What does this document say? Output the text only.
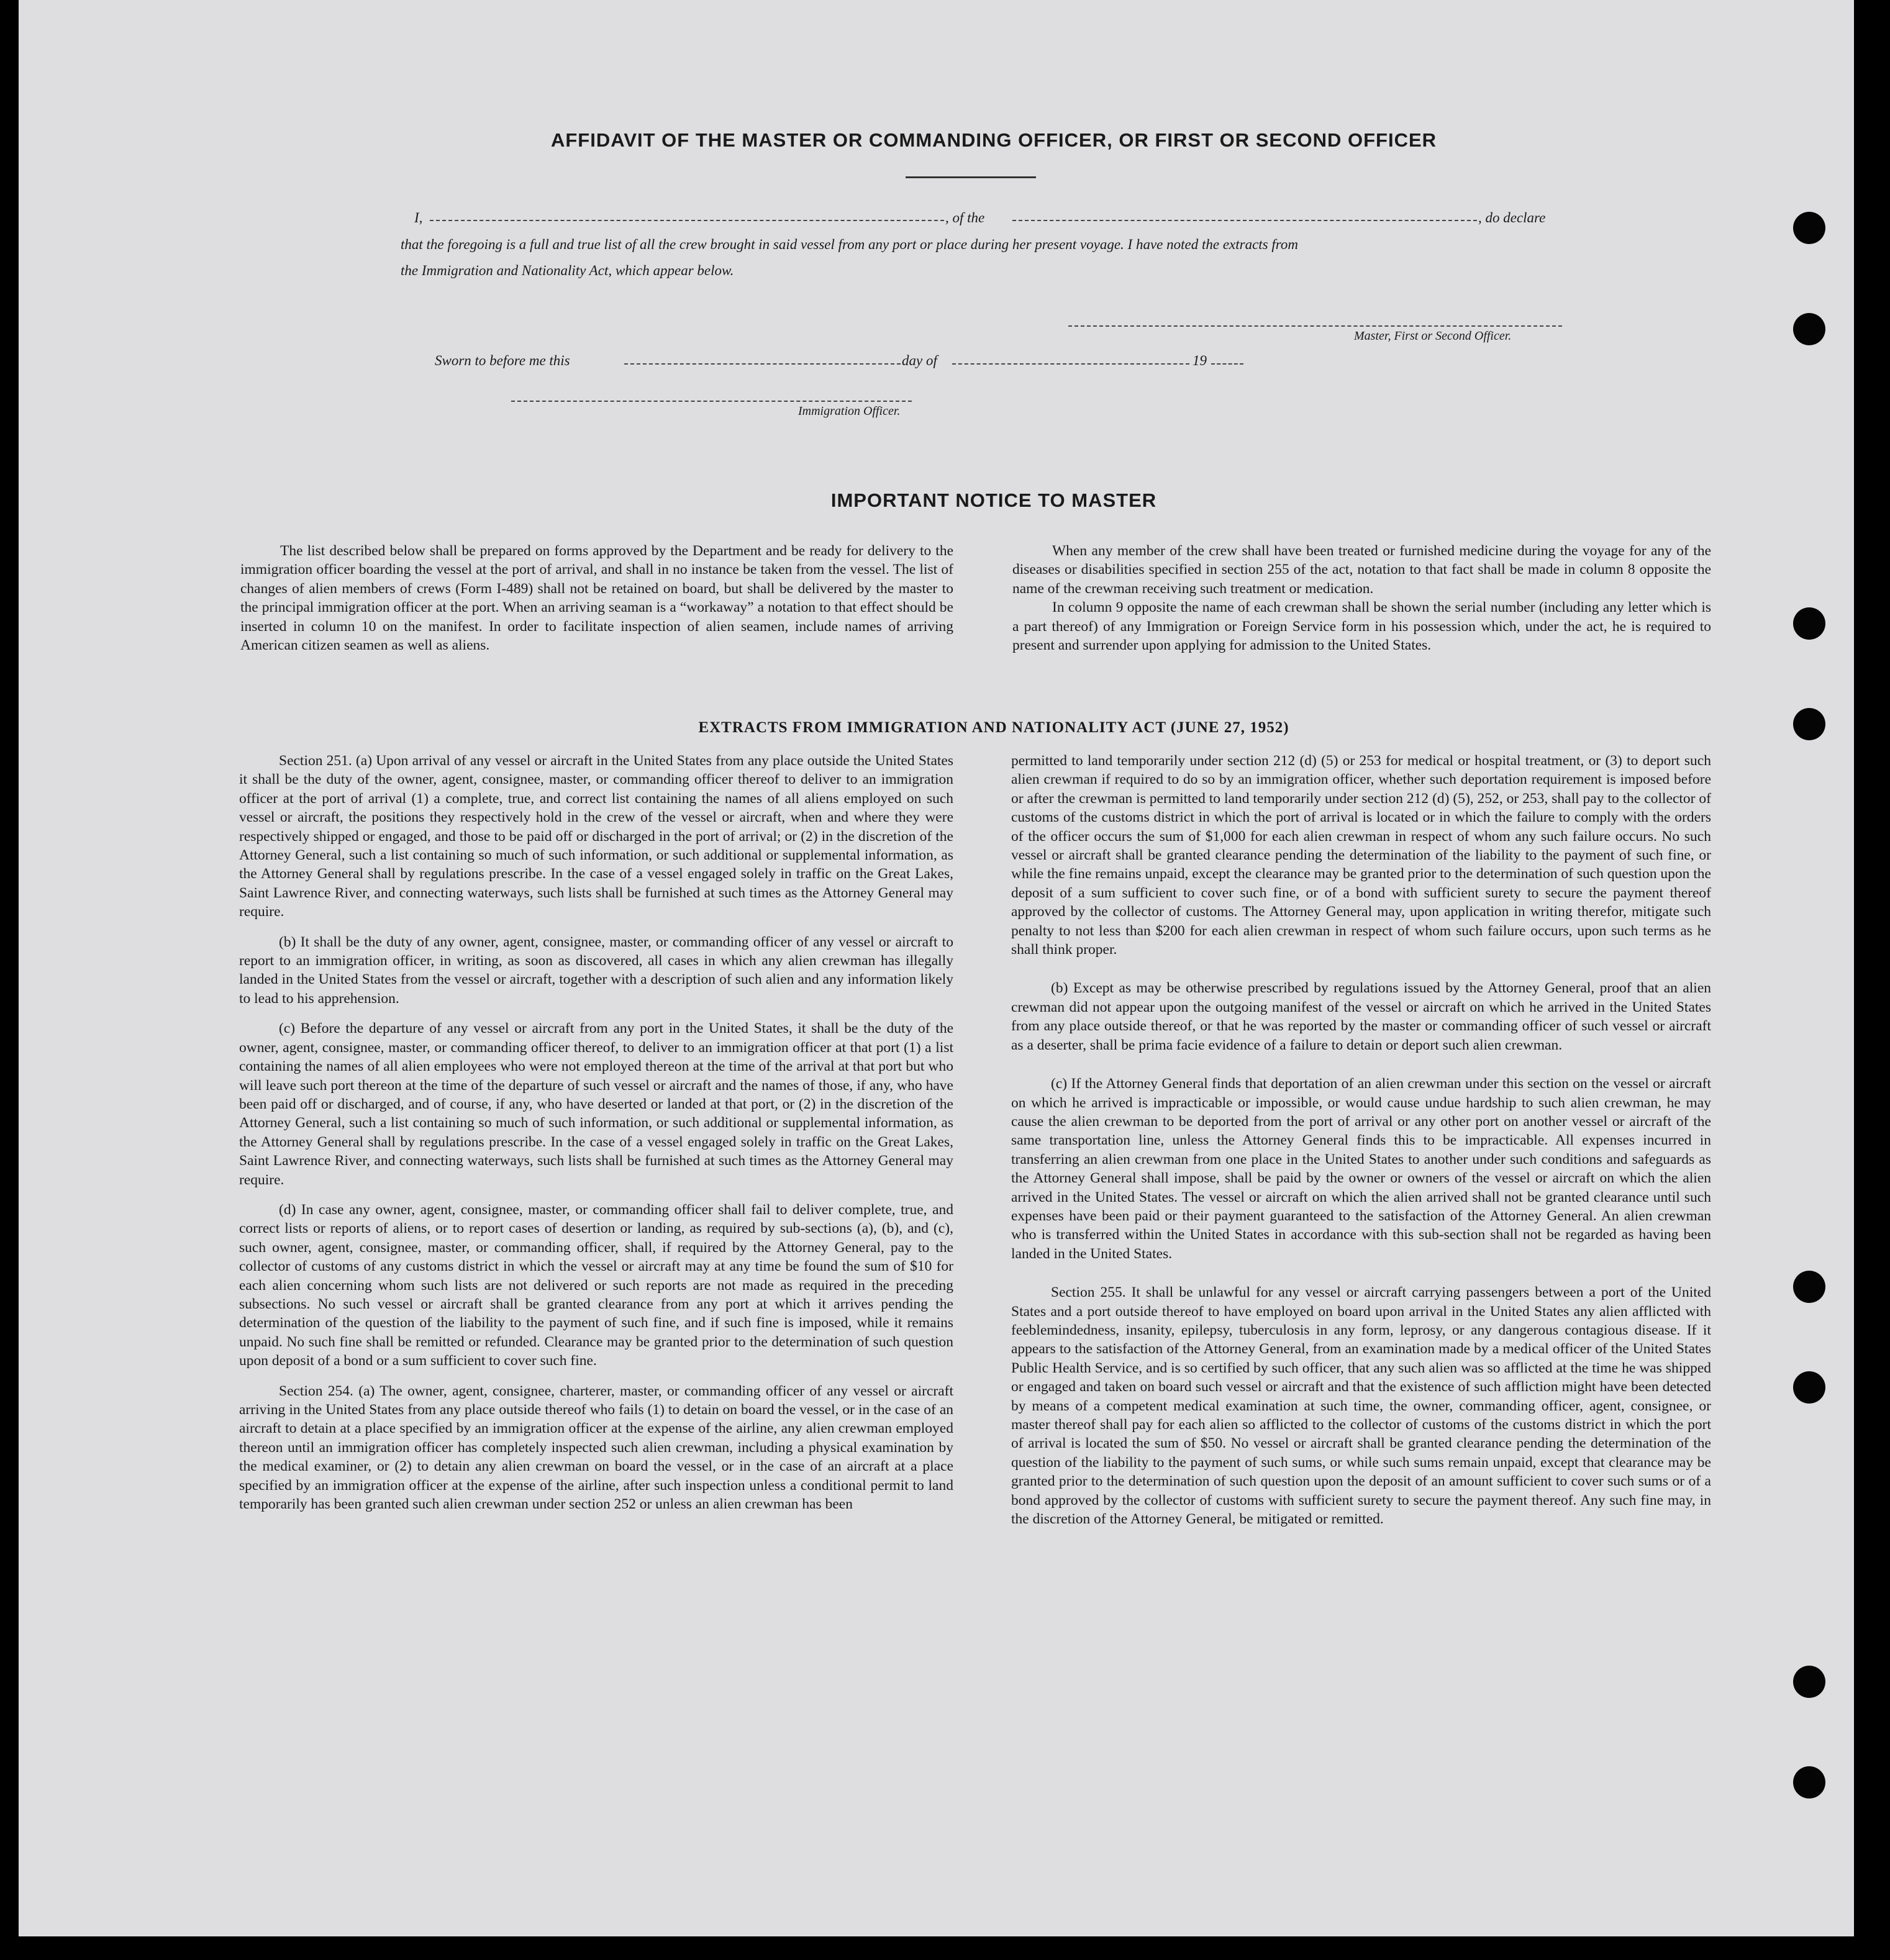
AFFIDAVIT OF THE MASTER OR COMMANDING OFFICER, OR FIRST OR SECOND OFFICER
I,	, of the	, do declare
that the foregoing is a full and true list of all the crew brought in said vessel from any port or place during her present voyage. I have noted the extracts from
the Immigration and Nationality Act, which appear below.
Master, First or Second Officer.
Sworn to before me this	day of	19
Immigration Officer.
IMPORTANT NOTICE TO MASTER

The list described below shall be prepared on forms approved by the Department and be ready for delivery to the immigration officer boarding the vessel at the port of arrival, and shall in no instance be taken from the vessel. The list of changes of alien members of crews (Form I-489) shall not be retained on board, but shall be delivered by the master to the principal immigration officer at the port. When an arriving seaman is a “workaway” a notation to that effect should be inserted in column 10 on the manifest. In order to facilitate inspection of alien seamen, include names of arriving American citizen seamen as well as aliens.

When any member of the crew shall have been treated or furnished medicine during the voyage for any of the diseases or disabilities specified in section 255 of the act, notation to that fact shall be made in column 8 opposite the name of the crewman receiving such treatment or medication.

In column 9 opposite the name of each crewman shall be shown the serial number (including any letter which is a part thereof) of any Immigration or Foreign Service form in his possession which, under the act, he is required to present and surrender upon applying for admission to the United States.

EXTRACTS FROM IMMIGRATION AND NATIONALITY ACT (JUNE 27, 1952)

Section 251. (a) Upon arrival of any vessel or aircraft in the United States from any place outside the United States it shall be the duty of the owner, agent, consignee, master, or commanding officer thereof to deliver to an immigration officer at the port of arrival (1) a complete, true, and correct list containing the names of all aliens employed on such vessel or aircraft, the positions they respectively hold in the crew of the vessel or aircraft, when and where they were respectively shipped or engaged, and those to be paid off or discharged in the port of arrival; or (2) in the discretion of the Attorney General, such a list containing so much of such information, or such additional or supplemental information, as the Attorney General shall by regulations prescribe. In the case of a vessel engaged solely in traffic on the Great Lakes, Saint Lawrence River, and connecting waterways, such lists shall be furnished at such times as the Attorney General may require.

(b) It shall be the duty of any owner, agent, consignee, master, or commanding officer of any vessel or aircraft to report to an immigration officer, in writing, as soon as discovered, all cases in which any alien crewman has illegally landed in the United States from the vessel or aircraft, together with a description of such alien and any information likely to lead to his apprehension.

(c) Before the departure of any vessel or aircraft from any port in the United States, it shall be the duty of the owner, agent, consignee, master, or commanding officer thereof, to deliver to an immigration officer at that port (1) a list containing the names of all alien employees who were not employed thereon at the time of the arrival at that port but who will leave such port thereon at the time of the departure of such vessel or aircraft and the names of those, if any, who have been paid off or discharged, and of course, if any, who have deserted or landed at that port, or (2) in the discretion of the Attorney General, such a list containing so much of such information, or such additional or supplemental information, as the Attorney General shall by regulations prescribe. In the case of a vessel engaged solely in traffic on the Great Lakes, Saint Lawrence River, and connecting waterways, such lists shall be furnished at such times as the Attorney General may require.

(d) In case any owner, agent, consignee, master, or commanding officer shall fail to deliver complete, true, and correct lists or reports of aliens, or to report cases of desertion or landing, as required by sub-sections (a), (b), and (c), such owner, agent, consignee, master, or commanding officer, shall, if required by the Attorney General, pay to the collector of customs of any customs district in which the vessel or aircraft may at any time be found the sum of $10 for each alien concerning whom such lists are not delivered or such reports are not made as required in the preceding subsections. No such vessel or aircraft shall be granted clearance from any port at which it arrives pending the determination of the question of the liability to the payment of such fine, and if such fine is imposed, while it remains unpaid. No such fine shall be remitted or refunded. Clearance may be granted prior to the determination of such question upon deposit of a bond or a sum sufficient to cover such fine.

Section 254. (a) The owner, agent, consignee, charterer, master, or commanding officer of any vessel or aircraft arriving in the United States from any place outside thereof who fails (1) to detain on board the vessel, or in the case of an aircraft to detain at a place specified by an immigration officer at the expense of the airline, any alien crewman employed thereon until an immigration officer has completely inspected such alien crewman, including a physical examination by the medical examiner, or (2) to detain any alien crewman on board the vessel, or in the case of an aircraft at a place specified by an immigration officer at the expense of the airline, after such inspection unless a conditional permit to land temporarily has been granted such alien crewman under section 252 or unless an alien crewman has been

permitted to land temporarily under section 212 (d) (5) or 253 for medical or hospital treatment, or (3) to deport such alien crewman if required to do so by an immigration officer, whether such deportation requirement is imposed before or after the crewman is permitted to land temporarily under section 212 (d) (5), 252, or 253, shall pay to the collector of customs of the customs district in which the port of arrival is located or in which the failure to comply with the orders of the officer occurs the sum of $1,000 for each alien crewman in respect of whom any such failure occurs. No such vessel or aircraft shall be granted clearance pending the determination of the liability to the payment of such fine, or while the fine remains unpaid, except the clearance may be granted prior to the determination of such question upon the deposit of a sum sufficient to cover such fine, or of a bond with sufficient surety to secure the payment thereof approved by the collector of customs. The Attorney General may, upon application in writing therefor, mitigate such penalty to not less than $200 for each alien crewman in respect of whom such failure occurs, upon such terms as he shall think proper.

(b) Except as may be otherwise prescribed by regulations issued by the Attorney General, proof that an alien crewman did not appear upon the outgoing manifest of the vessel or aircraft on which he arrived in the United States from any place outside thereof, or that he was reported by the master or commanding officer of such vessel or aircraft as a deserter, shall be prima facie evidence of a failure to detain or deport such alien crewman.

(c) If the Attorney General finds that deportation of an alien crewman under this section on the vessel or aircraft on which he arrived is impracticable or impossible, or would cause undue hardship to such alien crewman, he may cause the alien crewman to be deported from the port of arrival or any other port on another vessel or aircraft of the same transportation line, unless the Attorney General finds this to be impracticable. All expenses incurred in transferring an alien crewman from one place in the United States to another under such conditions and safeguards as the Attorney General shall impose, shall be paid by the owner or owners of the vessel or aircraft on which the alien arrived in the United States. The vessel or aircraft on which the alien arrived shall not be granted clearance until such expenses have been paid or their payment guaranteed to the satisfaction of the Attorney General. An alien crewman who is transferred within the United States in accordance with this sub-section shall not be regarded as having been landed in the United States.

Section 255. It shall be unlawful for any vessel or aircraft carrying passengers between a port of the United States and a port outside thereof to have employed on board upon arrival in the United States any alien afflicted with feeblemindedness, insanity, epilepsy, tuberculosis in any form, leprosy, or any dangerous contagious disease. If it appears to the satisfaction of the Attorney General, from an examination made by a medical officer of the United States Public Health Service, and is so certified by such officer, that any such alien was so afflicted at the time he was shipped or engaged and taken on board such vessel or aircraft and that the existence of such affliction might have been detected by means of a competent medical examination at such time, the owner, commanding officer, agent, consignee, or master thereof shall pay for each alien so afflicted to the collector of customs of the customs district in which the port of arrival is located the sum of $50. No vessel or aircraft shall be granted clearance pending the determination of the question of the liability to the payment of such sums, or while such sums remain unpaid, except that clearance may be granted prior to the determination of such question upon the deposit of an amount sufficient to cover such sums or of a bond approved by the collector of customs with sufficient surety to secure the payment thereof. Any such fine may, in the discretion of the Attorney General, be mitigated or remitted.
